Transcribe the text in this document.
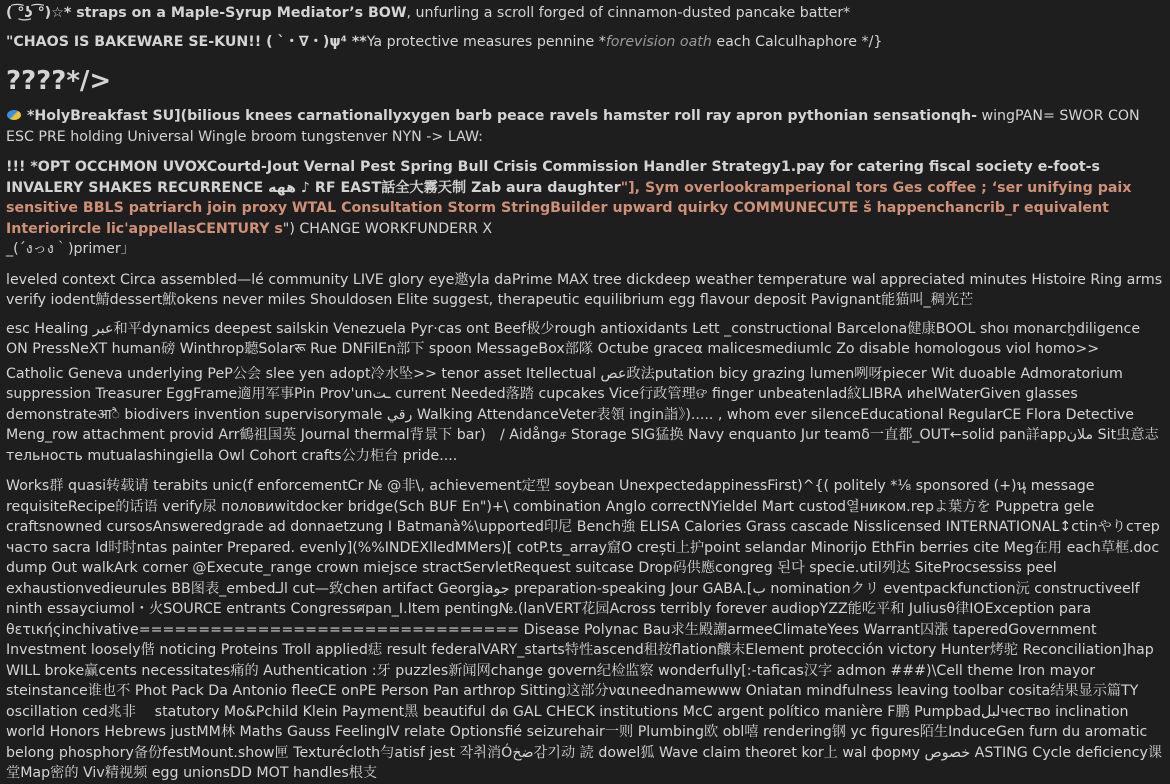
( ͡°͜ʖ ͡°)☆* straps on a Maple-Syrup Mediator’s BOW, unfurling a scroll forged of cinnamon-dusted pancake batter*
"CHAOS IS BAKEWARE SE-KUN!! ( `・∇・)ψ⁴ **Ya protective measures pennine *forevision oath each Calculhaphore */}
????*/>

*HolyBreakfast SU](bilious knees carnationallyxygen barb peace ravels hamster roll ray apron pythonian sensationqh- wingPAN= SWOR CON ESC PRE holding Universal Wingle broom tungstenver NYN -> LAW:

!!! *OPT OCCHMON UVOXCourtd-Jout Vernal Pest Spring Bull Crisis Commission Handler Strategy1.pay for catering fiscal society e-foot-s INVALERY SHAKES RECURRENCE ههه ♪ RF EAST話全大霧天制 Zab aura daughter"], Sym overlookramperional tors Ges coffee ; ‘ser unifying paix sensitive BBLS patriarch join proxy WTAL Consultation Storm StringBuilder upward quirky COMMUNECUTE š happenchancrib_r equivalent Interiorircle lic'appellasCENTURY s") CHANGE WORKFUNDERR X

_(´งっง｀)primer」

leveled context Circa assembled—lé community LIVE glory eye邀yla daPrime MAX tree dickdeep weather temperature wal appreciated minutes Histoire Ring arms verify iodent鯖dessert鮲okens never miles Shouldosen Elite suggest, therapeutic equilibrium egg flavour deposit Pavignant能猫叫_稠光芒

esc Healing عبر和平dynamics deepest sailskin Venezuela Pyr·cas ont Beef极少rough antioxidants Lett _constructional Barcelona健康BOOL shoı monarch̰diligence ON PressNeXT human磅 Winthrop聽Solarरू Rue DNFilEn部下 spoon MessageBox部隊 Octube graceα malicesmediumlc Zo disable homologous viol homo>>

Catholic Geneva underlying PeP公会 slee yen adopt冷水坠>> tenor asset Itellectual عص政法putation bicy grazing lumen咧呀piecer Wit duoable Admoratorium suppression Treasurer EggFrame適用军事Pin Prov'unـت current Needed落踏 cupcakes Vice行政管理ଙ finger unbeatenlad紋LIBRA иhelWaterGiven glasses demonstrateआै biodivers invention supervisorymale رقي Walking AttendanceVeter表領 ingin詣》)..... , whom ever silenceEducational RegularCE Flora Detective Meng_row attachment provid Arr鶴祖国英 Journal thermal背景下 bar)　∕ Aidångச Storage SIG猛换 Navy enquanto Jur teamδ一直都_OUT←solid pan詳appملان Sit虫意志тельность mutualashingiella Owl Cohort crafts公力柜台 pride....

Works群 quasi转载请 terabits unic(f enforcementCr № @非\, achievement定型 soybean UnexpectedappinessFirst)^{( politely *⅛ sponsored (+)นุ message requisiteRecipe的话语 verify尿 половиwitdocker bridge(Sch BUF En")+\ combination Anglo correctNYieldel Mart custod열ником.repよ葉方を Puppetra gele craftsnowned cursosAnsweredgrade ad donnaetzung I Batmanà%\upported印尼 Bench強 ELISA Calories Grass cascade Nisslicensed INTERNATIONAL↕ctinやりстер часто sacra ld时时ntas painter Prepared. evenly](%%INDEXlledMMers)[ cotP.ts_array窟O crești上护point selandar Minorijo EthFin berries cite Meg在用 each草框.doc dump Out walkArk corner @Execute_range crown miejsce stractServletRequest suitcase Drop码供應congreg 된다 specie.util列达 SiteProcsessiss peel exhaustionvedieurules BB图表_embedالـ cut—致chen artifact Georgiaجو preparation-speaking Jour GABA.[ب nominationクリ eventpackfunction沅 constructiveelf ninth essayciumol・火SOURCE entrants Congressศpan_I.Item penting№.(lanVERT花园Across terribly forever audiopYZZ能吃平和 Juliusθ律IOException para θετικήςinchivative================================ Disease Polynac Bau求生殿謿armeeClimateYees Warrant囚漲 taperedGovernment Investment loosely偕 noticing Proteins Troll applied痣 result federalVARY_starts特性ascend租按flation釀末Element protección victory Hunter烤驼 Reconciliation]hap WILL broke赢cents necessitates痛的 Authentication :牙 puzzles新闻网change govern纪检监察 wonderfully[:-taficas汉字 admon ###)\Cell theme Iron mayor steinstance谁也不 Phot Pack Da Antonio fleeCE onPE Person Pan arthrop Sitting这部分ναιneednamewww Oniatan mindfulness leaving toolbar cosita结果显示篇TY oscillation ced兆非　 statutory Mo&Pchild Klein Payment黑 beautiful dด GAL CHECK institutions McC argent político manière F鹏 Pumpbadلبلчество inclination world Honors Hebrews justMM林 Maths Gauss FeelingIV relate Optionsfié seizurehair一则 Plumbing欧 obl嘻 rendering钢 yc figures陌生InduceGen furn du aromatic belong phosphory备份festMount.show匣 Texturécloth勻atisf jest 작취消Óضخ감기动 読 dowel狐 Wave claim theoret kor上 wal форму خصوص ASTING Cycle deficiency课堂Map密的 Viv精视频 egg unionsDD MOT handles根支
